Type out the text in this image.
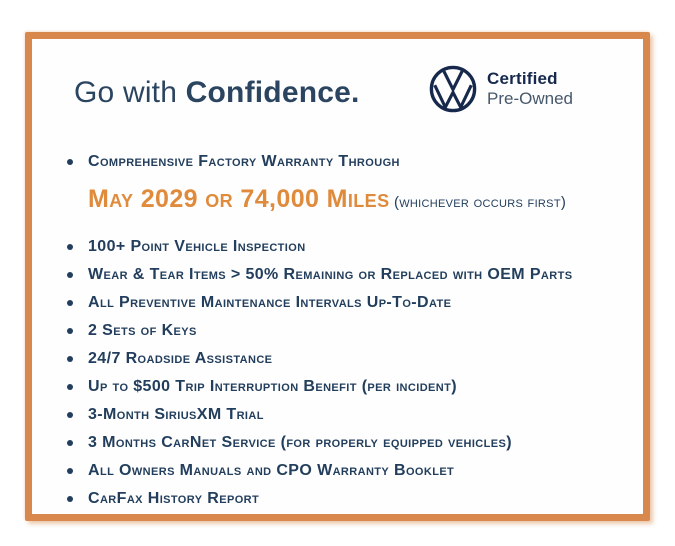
Go with Confidence.	Certified
Pre-Owned
Comprehensive Factory Warranty Through
May 2029 or 74,000 Miles (whichever occurs first)
100+ Point Vehicle Inspection
Wear & Tear Items > 50% Remaining or Replaced with OEM Parts
All Preventive Maintenance Intervals Up-To-Date
2 Sets of Keys
24/7 Roadside Assistance
Up to $500 Trip Interruption Benefit (per incident)
3-Month SiriusXM Trial
3 Months CarNet Service (for properly equipped vehicles)
All Owners Manuals and CPO Warranty Booklet
CarFax History Report
